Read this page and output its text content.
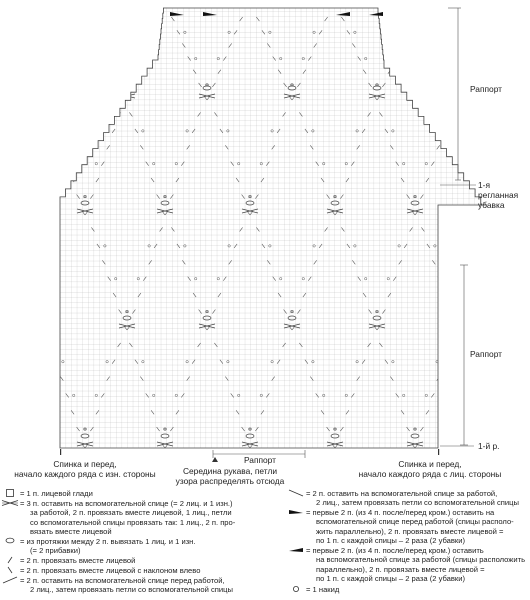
Раппорт
1-я регланная
убавка
Раппорт
1-й р.
Раппорт
Спинка и перед,
начало каждого ряда с изн. стороны	Середина рукава, петли
узора распределять отсюда
Спинка и перед,
начало каждого ряда с лиц. стороны
= 1 п. лицевой глади
= 3 п. оставить на вспомогательной спице (= 2 лиц. и 1 изн.)
за работой, 2 п. провязать вместе лицевой, 1 лиц., петли
со вспомогательной спицы провязать так: 1 лиц., 2 п. про-
вязать вместе лицевой
= из протяжки между 2 п. вывязать 1 лиц. и 1 изн.
(= 2 прибавки)
= 2 п. провязать вместе лицевой
= 2 п. провязать вместе лицевой с наклоном влево
= 2 п. оставить на вспомогательной спице перед работой,
2 лиц., затем провязать петли со вспомогательной спицы
= 2 п. оставить на вспомогательной спице за работой,
2 лиц., затем провязать петли со вспомогательной спицы
= первые 2 п. (из 4 п. после/перед кром.) оставить на
вспомогательной спице перед работой (спицы располо-
жить параллельно), 2 п. провязать вместе лицевой =
по 1 п. с каждой спицы – 2 раза (2 убавки)
= первые 2 п. (из 4 п. после/перед кром.) оставить
на вспомогательной спице за работой (спицы расположить
параллельно), 2 п. провязать вместе лицевой =
по 1 п. с каждой спицы – 2 раза (2 убавки)
= 1 накид
